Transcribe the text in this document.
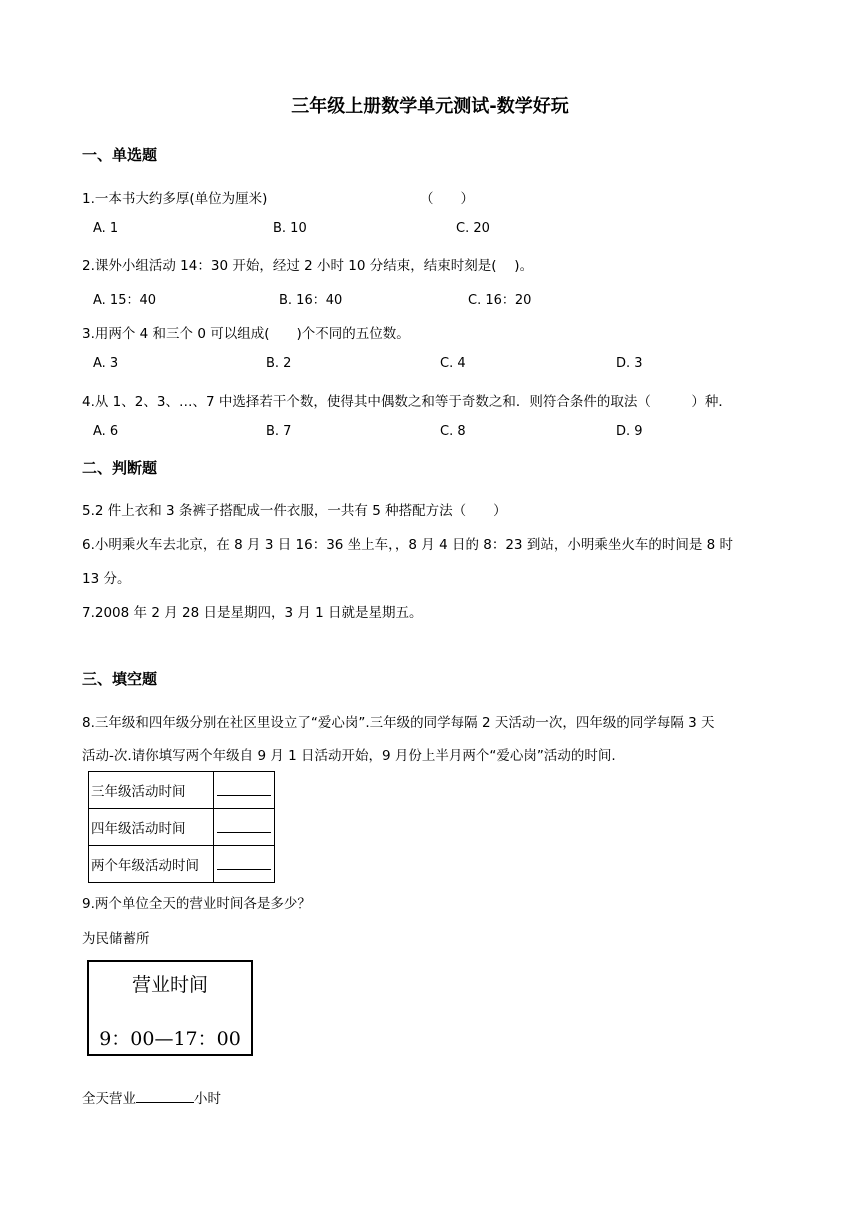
三年级上册数学单元测试-数学好玩
一、单选题
1.一本书大约多厚(单位为厘米)	（　　）
A. 1	B. 10	C. 20
2.课外小组活动 14：30 开始，经过 2 小时 10 分结束，结束时刻是(　 )。
A. 15：40	B. 16：40	C. 16：20
3.用两个 4 和三个 0 可以组成(　　)个不同的五位数。
A. 3	B. 2	C. 4	D. 3
4.从 1、2、3、…、7 中选择若干个数，使得其中偶数之和等于奇数之和．则符合条件的取法（　　　）种．
A. 6	B. 7	C. 8	D. 9
二、判断题
5.2 件上衣和 3 条裤子搭配成一件衣服，一共有 5 种搭配方法（　　）
6.小明乘火车去北京，在 8 月 3 日 16：36 坐上车，，8 月 4 日的 8：23 到站，小明乘坐火车的时间是 8 时
13 分。
7.2008 年 2 月 28 日是星期四，3 月 1 日就是星期五。
三、填空题
8.三年级和四年级分别在社区里设立了“爱心岗”.三年级的同学每隔 2 天活动一次，四年级的同学每隔 3 天
活动-次.请你填写两个年级自 9 月 1 日活动开始，9 月份上半月两个“爱心岗”活动的时间.
三年级活动时间	
四年级活动时间	
两个年级活动时间	
9.两个单位全天的营业时间各是多少？
为民储蓄所
营业时间
9：00—17：00
全天营业	小时
